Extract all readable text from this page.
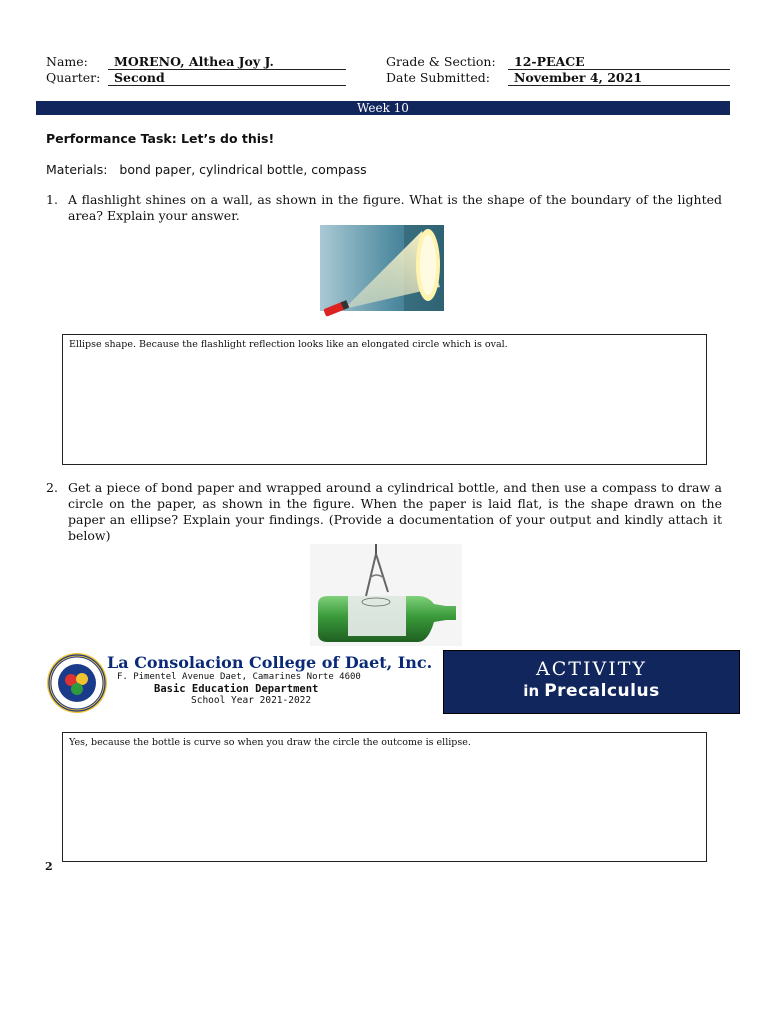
Name:	MORENO, Althea Joy J.
Quarter:	Second
Grade & Section:	12-PEACE
Date Submitted:	November 4, 2021
Week 10
Performance Task: Let’s do this!
Materials:   bond paper, cylindrical bottle, compass
1. A flashlight shines on a wall, as shown in the figure. What is the shape of the boundary of the lighted area? Explain your answer.
Ellipse shape. Because the flashlight reflection looks like an elongated circle which is oval.
2. Get a piece of bond paper and wrapped around a cylindrical bottle, and then use a compass to draw a circle on the paper, as shown in the figure. When the paper is laid flat, is the shape drawn on the paper an ellipse? Explain your findings. (Provide a documentation of your output and kindly attach it below)
La Consolacion College of Daet, Inc.
F. Pimentel Avenue Daet, Camarines Norte 4600
Basic Education Department
School Year 2021-2022
ACTIVITY
in Precalculus
Yes, because the bottle is curve so when you draw the circle the outcome is ellipse.
2
